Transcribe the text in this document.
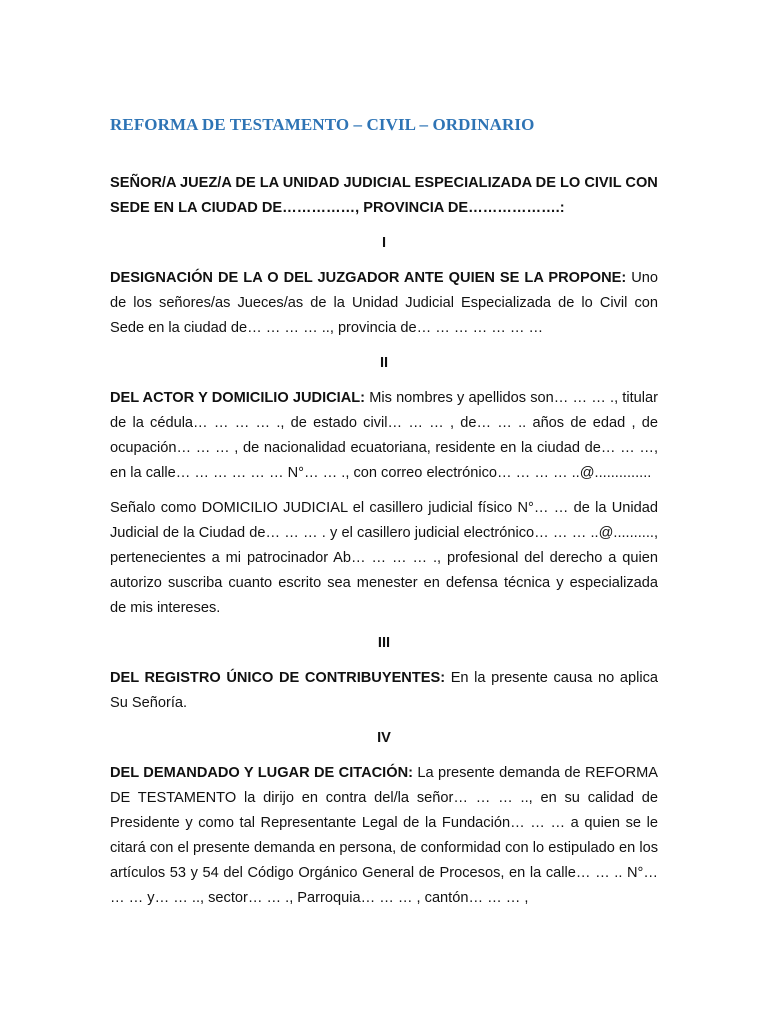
REFORMA DE TESTAMENTO – CIVIL – ORDINARIO

SEÑOR/A JUEZ/A DE LA UNIDAD JUDICIAL ESPECIALIZADA DE LO CIVIL CON SEDE EN LA CIUDAD DE……………, PROVINCIA DE……………….:

I

DESIGNACIÓN DE LA O DEL JUZGADOR ANTE QUIEN SE LA PROPONE: Uno de los señores/as Jueces/as de la Unidad Judicial Especializada de lo Civil con Sede en la ciudad de… … … … .., provincia de… … … … … … …

II

DEL ACTOR Y DOMICILIO JUDICIAL: Mis nombres y apellidos son… … … ., titular de la cédula… … … … ., de estado civil… … … , de… … .. años de edad , de ocupación… … … , de nacionalidad ecuatoriana, residente en la ciudad de… … …, en la calle… … … … … … N°… … ., con correo electrónico… … … … ..@..............

Señalo como DOMICILIO JUDICIAL el casillero judicial físico N°… … de la Unidad Judicial de la Ciudad de… … … . y el casillero judicial electrónico… … … ..@.........., pertenecientes a mi patrocinador Ab… … … … ., profesional del derecho a quien autorizo suscriba cuanto escrito sea menester en defensa técnica y especializada de mis intereses.

III

DEL REGISTRO ÚNICO DE CONTRIBUYENTES: En la presente causa no aplica Su Señoría.

IV

DEL DEMANDADO Y LUGAR DE CITACIÓN: La presente demanda de REFORMA DE TESTAMENTO la dirijo en contra del/la señor… … … .., en su calidad de Presidente y como tal Representante Legal de la Fundación… … … a quien se le citará con el presente demanda en persona, de conformidad con lo estipulado en los artículos 53 y 54 del Código Orgánico General de Procesos, en la calle… … .. N°… … … y… … .., sector… … ., Parroquia… … … , cantón… … … ,
